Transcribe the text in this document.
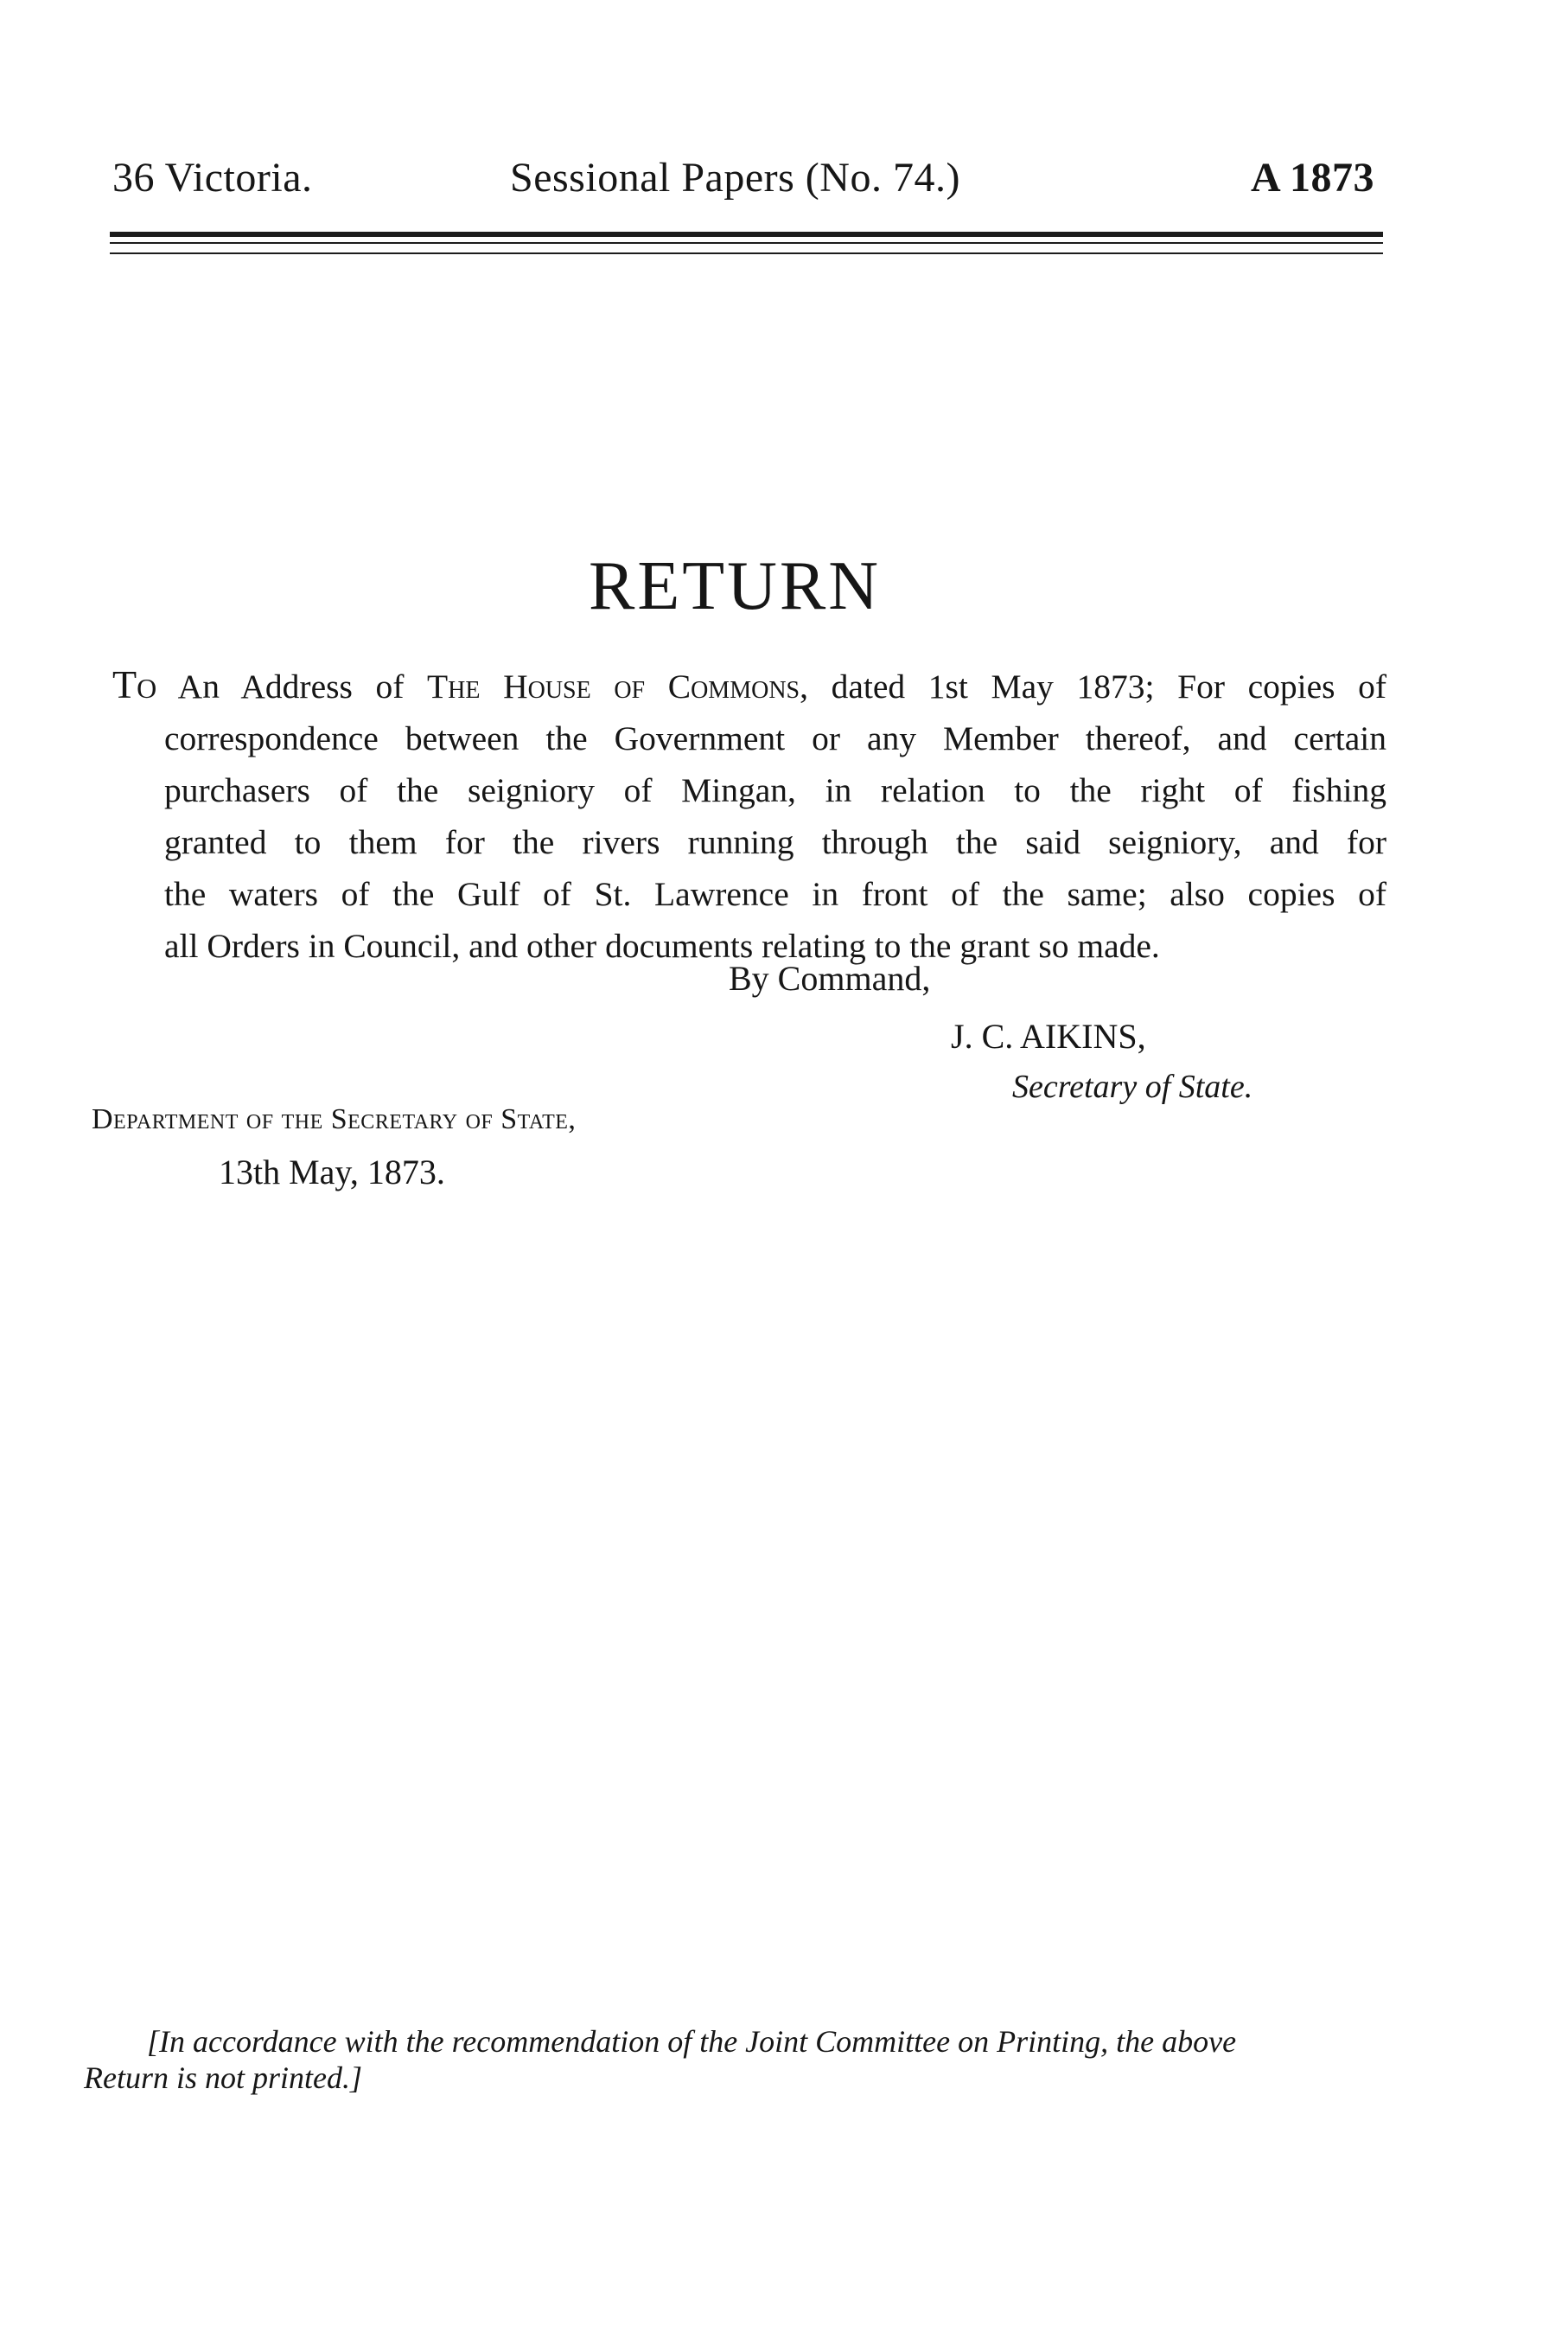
36 Victoria.	Sessional Papers (No. 74.)	A 1873
RETURN
To An Address of The House of Commons, dated 1st May 1873; For copies of
correspondence between the Government or any Member thereof, and certain
purchasers of the seigniory of Mingan, in relation to the right of fishing
granted to them for the rivers running through the said seigniory, and for
the waters of the Gulf of St. Lawrence in front of the same; also copies of
all Orders in Council, and other documents relating to the grant so made.
By Command,
J. C. AIKINS,
Secretary of State.
Department of the Secretary of State,
13th May, 1873.
[In accordance with the recommendation of the Joint Committee on Printing, the above
Return is not printed.]
